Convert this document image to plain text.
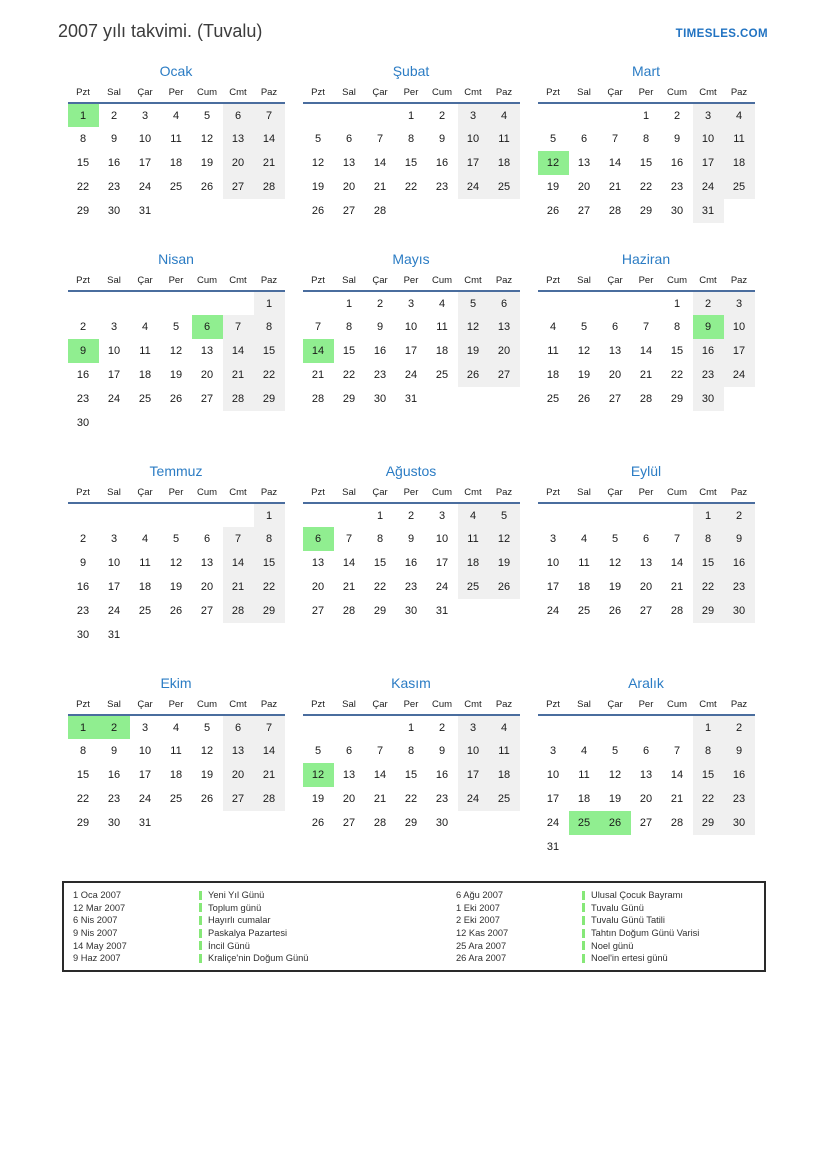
2007 yılı takvimi. (Tuvalu)	TIMESLES.COM
Ocak
Pzt	Sal	Çar	Per	Cum	Cmt	Paz
1	2	3	4	5	6	7
8	9	10	11	12	13	14
15	16	17	18	19	20	21
22	23	24	25	26	27	28
29	30	31				
Şubat
Pzt	Sal	Çar	Per	Cum	Cmt	Paz
			1	2	3	4
5	6	7	8	9	10	11
12	13	14	15	16	17	18
19	20	21	22	23	24	25
26	27	28				
Mart
Pzt	Sal	Çar	Per	Cum	Cmt	Paz
			1	2	3	4
5	6	7	8	9	10	11
12	13	14	15	16	17	18
19	20	21	22	23	24	25
26	27	28	29	30	31	
Nisan
Pzt	Sal	Çar	Per	Cum	Cmt	Paz
						1
2	3	4	5	6	7	8
9	10	11	12	13	14	15
16	17	18	19	20	21	22
23	24	25	26	27	28	29
30						
Mayıs
Pzt	Sal	Çar	Per	Cum	Cmt	Paz
	1	2	3	4	5	6
7	8	9	10	11	12	13
14	15	16	17	18	19	20
21	22	23	24	25	26	27
28	29	30	31			
Haziran
Pzt	Sal	Çar	Per	Cum	Cmt	Paz
				1	2	3
4	5	6	7	8	9	10
11	12	13	14	15	16	17
18	19	20	21	22	23	24
25	26	27	28	29	30	
Temmuz
Pzt	Sal	Çar	Per	Cum	Cmt	Paz
						1
2	3	4	5	6	7	8
9	10	11	12	13	14	15
16	17	18	19	20	21	22
23	24	25	26	27	28	29
30	31					
Ağustos
Pzt	Sal	Çar	Per	Cum	Cmt	Paz
		1	2	3	4	5
6	7	8	9	10	11	12
13	14	15	16	17	18	19
20	21	22	23	24	25	26
27	28	29	30	31		
Eylül
Pzt	Sal	Çar	Per	Cum	Cmt	Paz
					1	2
3	4	5	6	7	8	9
10	11	12	13	14	15	16
17	18	19	20	21	22	23
24	25	26	27	28	29	30
Ekim
Pzt	Sal	Çar	Per	Cum	Cmt	Paz
1	2	3	4	5	6	7
8	9	10	11	12	13	14
15	16	17	18	19	20	21
22	23	24	25	26	27	28
29	30	31				
Kasım
Pzt	Sal	Çar	Per	Cum	Cmt	Paz
			1	2	3	4
5	6	7	8	9	10	11
12	13	14	15	16	17	18
19	20	21	22	23	24	25
26	27	28	29	30		
Aralık
Pzt	Sal	Çar	Per	Cum	Cmt	Paz
					1	2
3	4	5	6	7	8	9
10	11	12	13	14	15	16
17	18	19	20	21	22	23
24	25	26	27	28	29	30
31						
1 Oca 2007	Yeni Yıl Günü
12 Mar 2007	Toplum günü
6 Nis 2007	Hayırlı cumalar
9 Nis 2007	Paskalya Pazartesi
14 May 2007	İncil Günü
9 Haz 2007	Kraliçe'nin Doğum Günü
6 Ağu 2007	Ulusal Çocuk Bayramı
1 Eki 2007	Tuvalu Günü
2 Eki 2007	Tuvalu Günü Tatili
12 Kas 2007	Tahtın Doğum Günü Varisi
25 Ara 2007	Noel günü
26 Ara 2007	Noel'in ertesi günü
